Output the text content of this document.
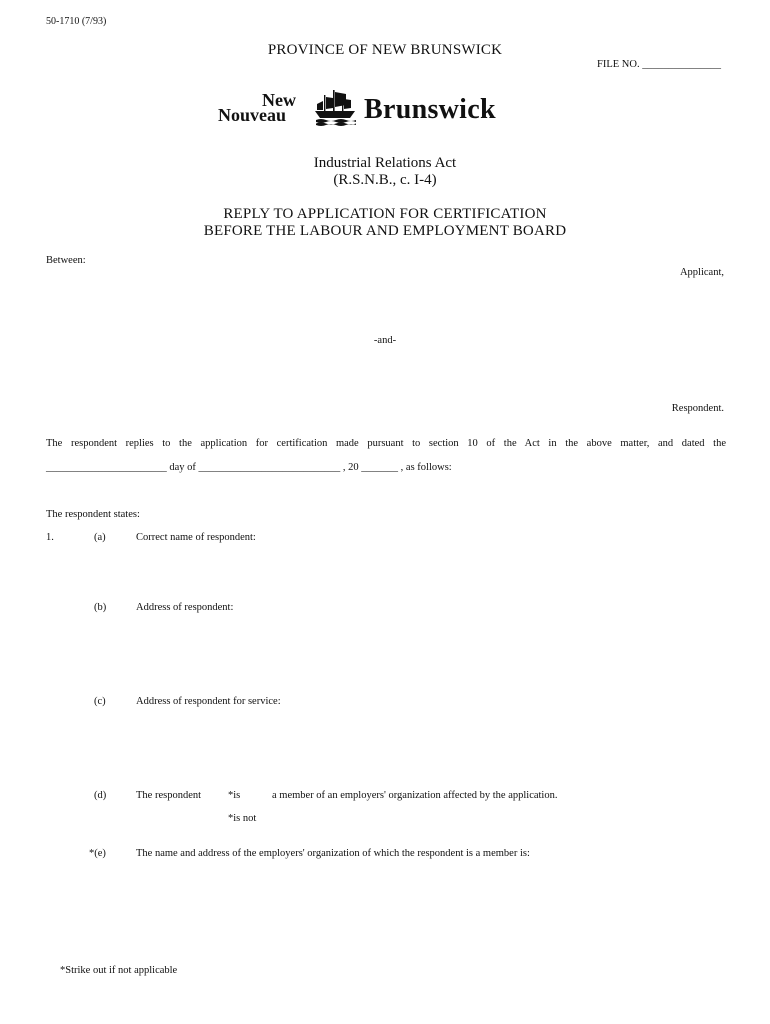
50-1710 (7/93)
PROVINCE OF NEW BRUNSWICK
FILE NO. _______________
New
Nouveau	Brunswick
Industrial Relations Act
(R.S.N.B., c. I-4)
REPLY TO APPLICATION FOR CERTIFICATION
BEFORE THE LABOUR AND EMPLOYMENT BOARD
Between:
Applicant,
-and-
Respondent.
The respondent replies to the application for certification made pursuant to section 10 of the Act in the above matter, and dated the
_______________________ day of ___________________________ , 20 _______ , as follows:
The respondent states:
1.	(a)	Correct name of respondent:
(b)	Address of respondent:
(c)	Address of respondent for service:
(d)	The respondent	*is	a member of an employers' organization affected by the application.
*is not
*(e)	The name and address of the employers' organization of which the respondent is a member is:
*Strike out if not applicable
